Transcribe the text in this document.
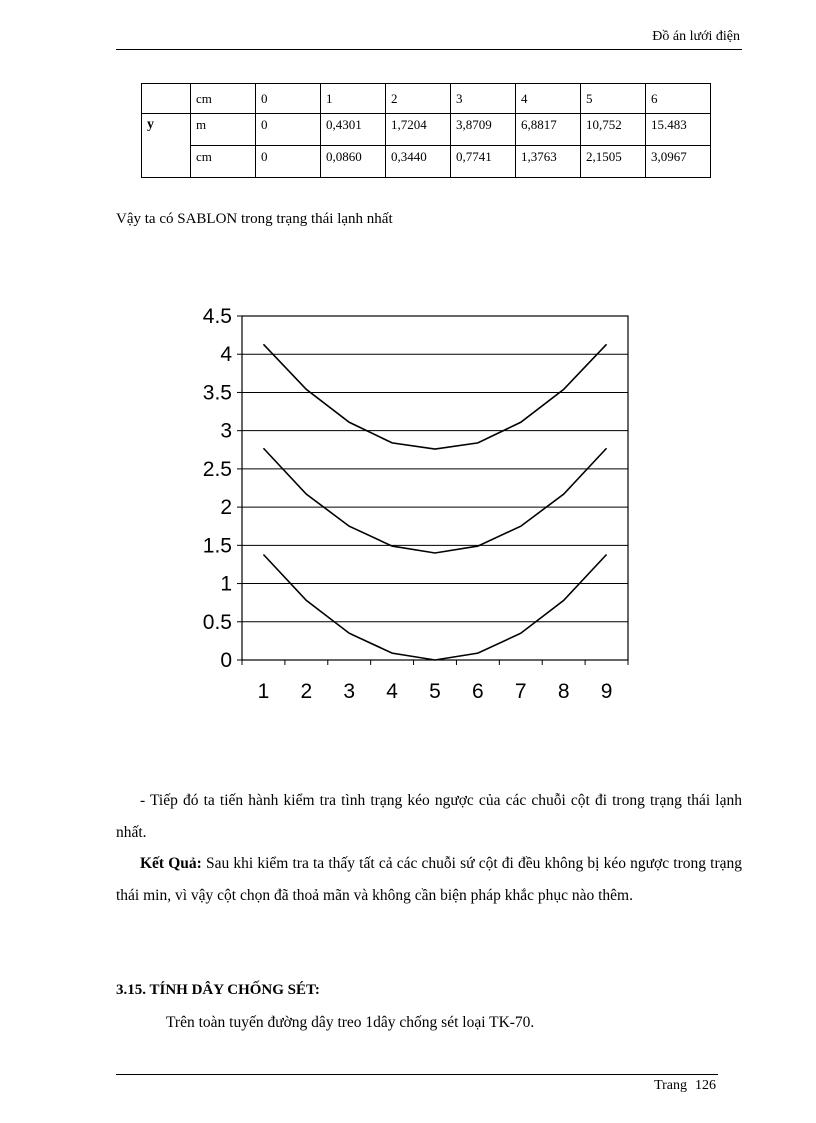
Đồ án lưới điện
	cm	0	1	2	3	4	5	6
y	m	0	0,4301	1,7204	3,8709	6,8817	10,752	15.483
	cm	0	0,0860	0,3440	0,7741	1,3763	2,1505	3,0967
Vậy ta có SABLON trong trạng thái lạnh nhất
0
0.5
1
1.5
2
2.5
3
3.5
4
4.5
1 2 3 4 5 6 7 8 9
- Tiếp đó ta tiến hành kiểm tra tình trạng kéo ngược của các chuỗi cột đi trong trạng thái lạnh nhất.
Kết Quả: Sau khi kiểm tra ta thấy tất cả các chuỗi sứ cột đi đều không bị kéo ngược trong trạng thái min, vì vậy cột chọn đã thoả mãn và không cần biện pháp khắc phục nào thêm.
3.15. TÍNH DÂY CHỐNG SÉT:
Trên toàn tuyến đường dây treo 1dây chống sét loại TK-70.
Trang 126
